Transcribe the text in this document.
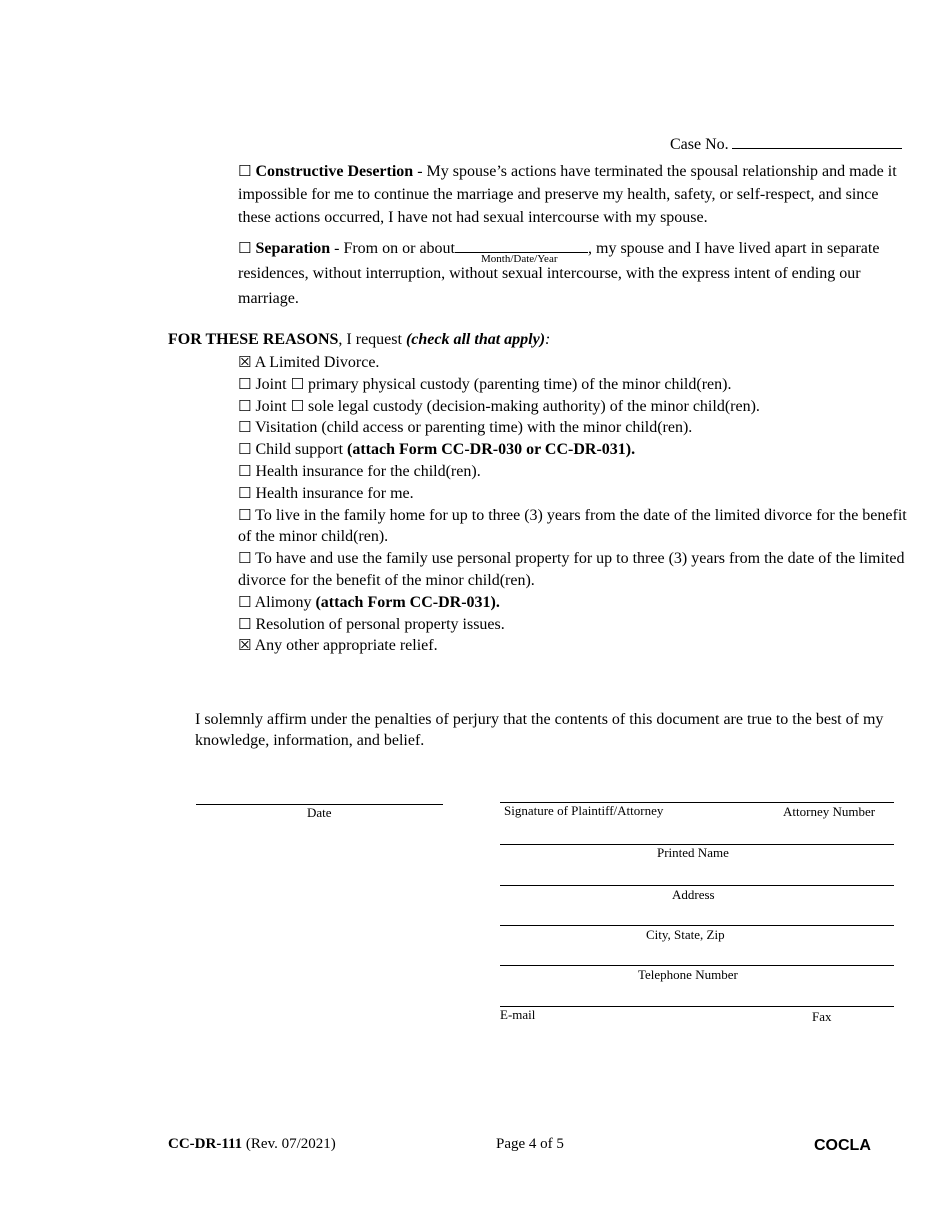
Case No.
☐ Constructive Desertion - My spouse’s actions have terminated the spousal relationship and made it impossible for me to continue the marriage and preserve my health, safety, or self-respect, and since these actions occurred, I have not had sexual intercourse with my spouse.
☐ Separation - From on or about
Month/Date/Year
, my spouse and I have lived apart in separate residences, without interruption, without sexual intercourse, with the express intent of ending our marriage.
FOR THESE REASONS, I request (check all that apply):
☒ A Limited Divorce.
☐ Joint ☐ primary physical custody (parenting time) of the minor child(ren).
☐ Joint ☐ sole legal custody (decision-making authority) of the minor child(ren).
☐ Visitation (child access or parenting time) with the minor child(ren).
☐ Child support (attach Form CC-DR-030 or CC-DR-031).
☐ Health insurance for the child(ren).
☐ Health insurance for me.
☐ To live in the family home for up to three (3) years from the date of the limited divorce for the benefit of the minor child(ren).
☐ To have and use the family use personal property for up to three (3) years from the date of the limited divorce for the benefit of the minor child(ren).
☐ Alimony (attach Form CC-DR-031).
☐ Resolution of personal property issues.
☒ Any other appropriate relief.
I solemnly affirm under the penalties of perjury that the contents of this document are true to the best of my knowledge, information, and belief.
Date	Signature of Plaintiff/Attorney	Attorney Number
Printed Name
Address
City, State, Zip
Telephone Number
E-mail	Fax
CC-DR-111 (Rev. 07/2021)	Page 4 of 5	COCLA
